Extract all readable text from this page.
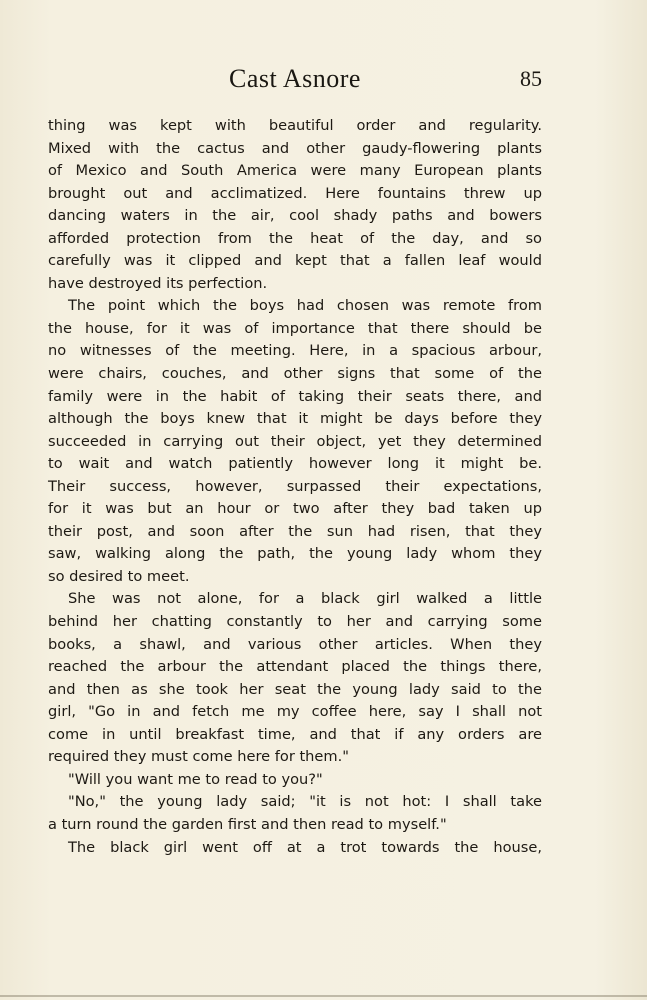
Cast Asnore	85
thing was kept with beautiful order and regularity.
Mixed with the cactus and other gaudy-flowering plants
of Mexico and South America were many European plants
brought out and acclimatized. Here fountains threw up
dancing waters in the air, cool shady paths and bowers
afforded protection from the heat of the day, and so
carefully was it clipped and kept that a fallen leaf would
have destroyed its perfection.
The point which the boys had chosen was remote from
the house, for it was of importance that there should be
no witnesses of the meeting. Here, in a spacious arbour,
were chairs, couches, and other signs that some of the
family were in the habit of taking their seats there, and
although the boys knew that it might be days before they
succeeded in carrying out their object, yet they determined
to wait and watch patiently however long it might be.
Their success, however, surpassed their expectations,
for it was but an hour or two after they bad taken up
their post, and soon after the sun had risen, that they
saw, walking along the path, the young lady whom they
so desired to meet.
She was not alone, for a black girl walked a little
behind her chatting constantly to her and carrying some
books, a shawl, and various other articles. When they
reached the arbour the attendant placed the things there,
and then as she took her seat the young lady said to the
girl, "Go in and fetch me my coffee here, say I shall not
come in until breakfast time, and that if any orders are
required they must come here for them."
"Will you want me to read to you?"
"No," the young lady said; "it is not hot: I shall take
a turn round the garden first and then read to myself."
The black girl went off at a trot towards the house,
